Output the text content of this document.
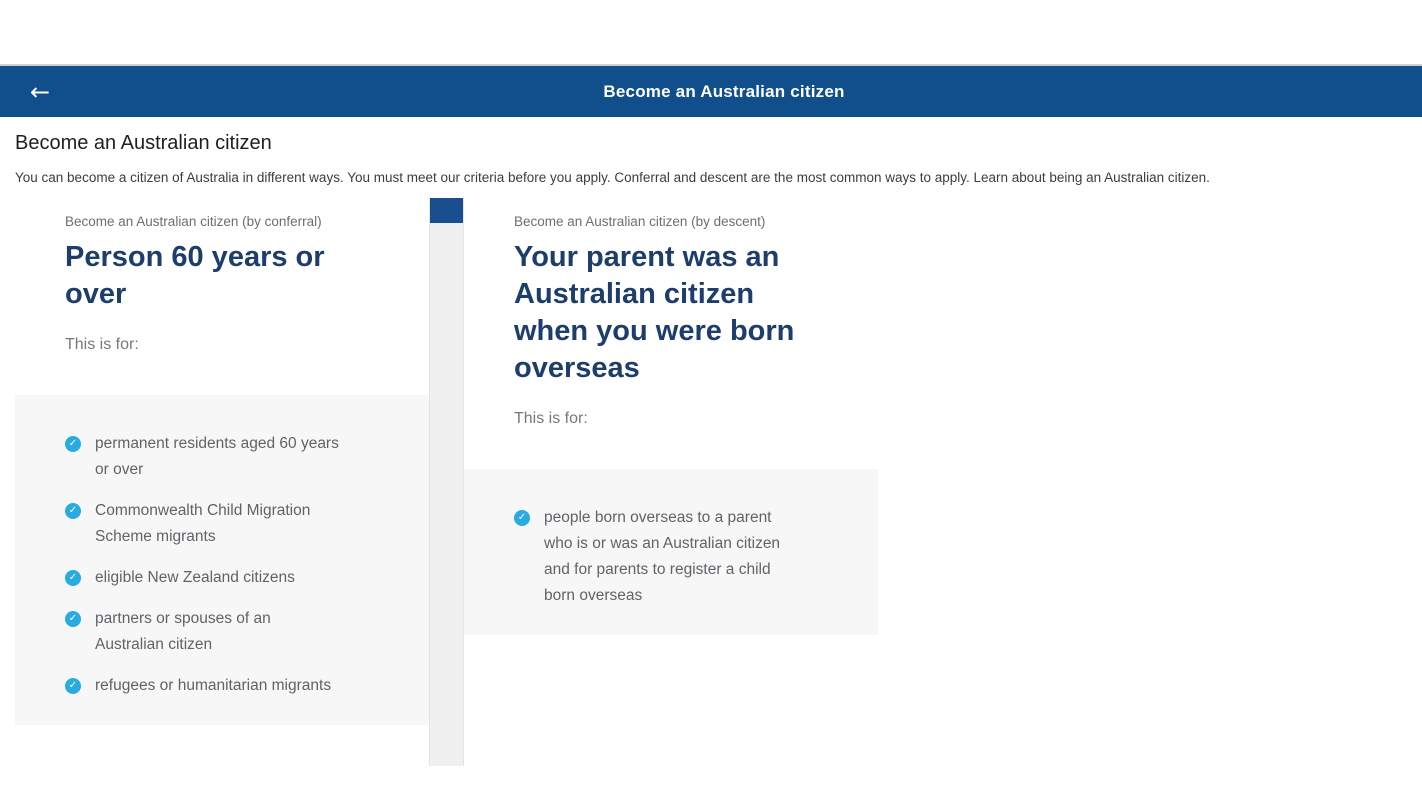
←	Become an Australian citizen
Become an Australian citizen

You can become a citizen of Australia in different ways. You must meet our criteria before you apply. Conferral and descent are the most common ways to apply. Learn about being an Australian citizen.

Become an Australian citizen (by conferral)
Person 60 years or over
This is for:
✓ permanent residents aged 60 years or over
✓ Commonwealth Child Migration Scheme migrants
✓ eligible New Zealand citizens
✓ partners or spouses of an Australian citizen
✓ refugees or humanitarian migrants
Become an Australian citizen (by descent)
Your parent was an Australian citizen when you were born overseas
This is for:
✓ people born overseas to a parent who is or was an Australian citizen and for parents to register a child born overseas
